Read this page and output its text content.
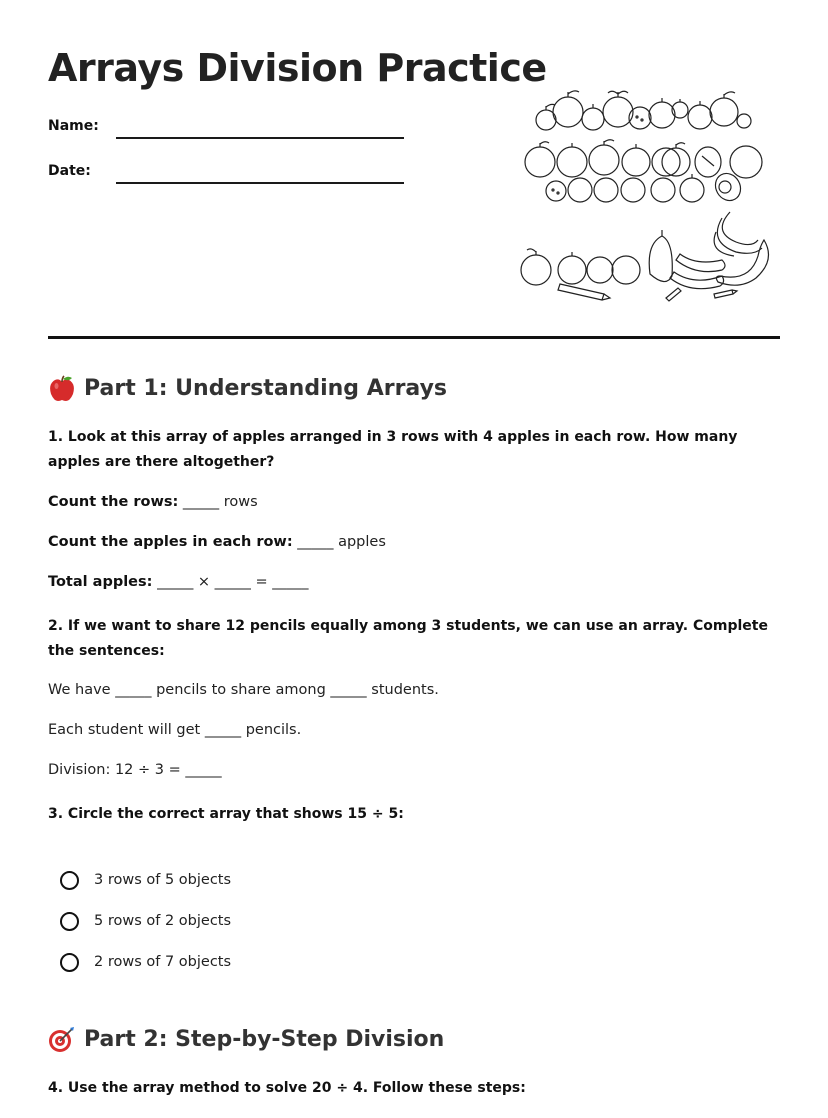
Arrays Division Practice
Name:
Date:
Part 1: Understanding Arrays
1. Look at this array of apples arranged in 3 rows with 4 apples in each row. How many apples are there altogether?
Count the rows: _____ rows
Count the apples in each row: _____ apples
Total apples: _____ × _____ = _____
2. If we want to share 12 pencils equally among 3 students, we can use an array. Complete the sentences:
We have _____ pencils to share among _____ students.
Each student will get _____ pencils.
Division: 12 ÷ 3 = _____
3. Circle the correct array that shows 15 ÷ 5:
3 rows of 5 objects
5 rows of 2 objects
2 rows of 7 objects
Part 2: Step-by-Step Division
4. Use the array method to solve 20 ÷ 4. Follow these steps:
